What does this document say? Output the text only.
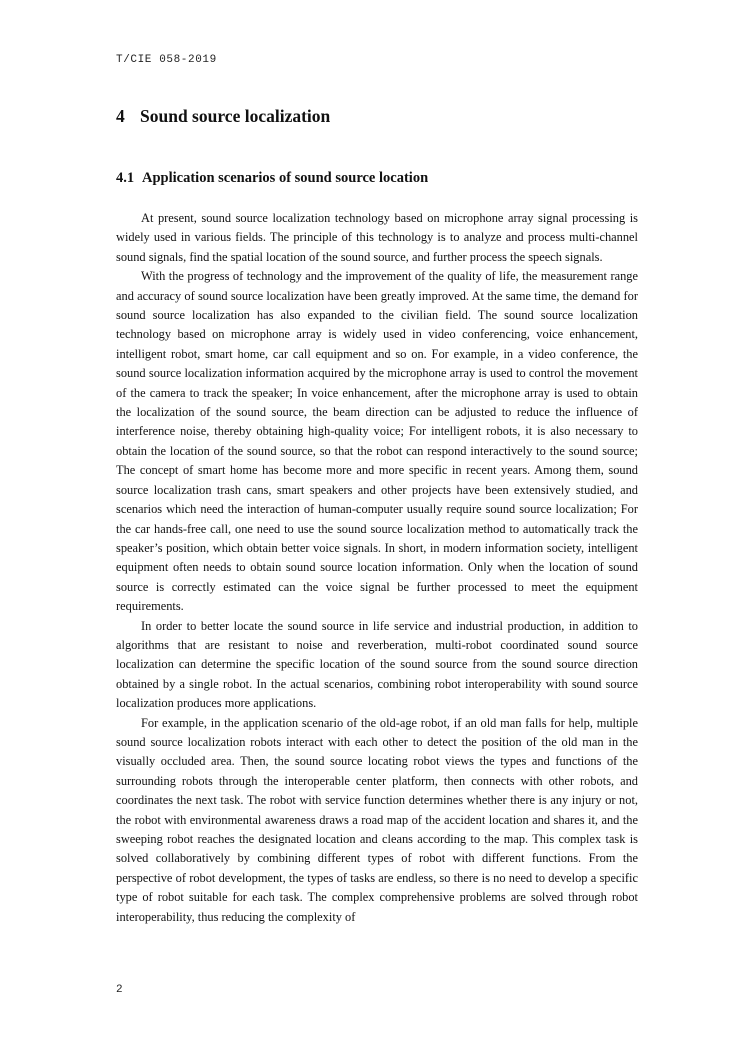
T/CIE 058-2019
4 Sound source localization
4.1 Application scenarios of sound source location

At present, sound source localization technology based on microphone array signal processing is widely used in various fields. The principle of this technology is to analyze and process multi-channel sound signals, find the spatial location of the sound source, and further process the speech signals.

With the progress of technology and the improvement of the quality of life, the measurement range and accuracy of sound source localization have been greatly improved. At the same time, the demand for sound source localization has also expanded to the civilian field. The sound source localization technology based on microphone array is widely used in video conferencing, voice enhancement, intelligent robot, smart home, car call equipment and so on. For example, in a video conference, the sound source localization information acquired by the microphone array is used to control the movement of the camera to track the speaker; In voice enhancement, after the microphone array is used to obtain the localization of the sound source, the beam direction can be adjusted to reduce the influence of interference noise, thereby obtaining high-quality voice; For intelligent robots, it is also necessary to obtain the location of the sound source, so that the robot can respond interactively to the sound source; The concept of smart home has become more and more specific in recent years. Among them, sound source localization trash cans, smart speakers and other projects have been extensively studied, and scenarios which need the interaction of human-computer usually require sound source localization; For the car hands-free call, one need to use the sound source localization method to automatically track the speaker’s position, which obtain better voice signals. In short, in modern information society, intelligent equipment often needs to obtain sound source location information. Only when the location of sound source is correctly estimated can the voice signal be further processed to meet the equipment requirements.

In order to better locate the sound source in life service and industrial production, in addition to algorithms that are resistant to noise and reverberation, multi-robot coordinated sound source localization can determine the specific location of the sound source from the sound source direction obtained by a single robot. In the actual scenarios, combining robot interoperability with sound source localization produces more applications.

For example, in the application scenario of the old-age robot, if an old man falls for help, multiple sound source localization robots interact with each other to detect the position of the old man in the visually occluded area. Then, the sound source locating robot views the types and functions of the surrounding robots through the interoperable center platform, then connects with other robots, and coordinates the next task. The robot with service function determines whether there is any injury or not, the robot with environmental awareness draws a road map of the accident location and shares it, and the sweeping robot reaches the designated location and cleans according to the map. This complex task is solved collaboratively by combining different types of robot with different functions. From the perspective of robot development, the types of tasks are endless, so there is no need to develop a specific type of robot suitable for each task. The complex comprehensive problems are solved through robot interoperability, thus reducing the complexity of

2
